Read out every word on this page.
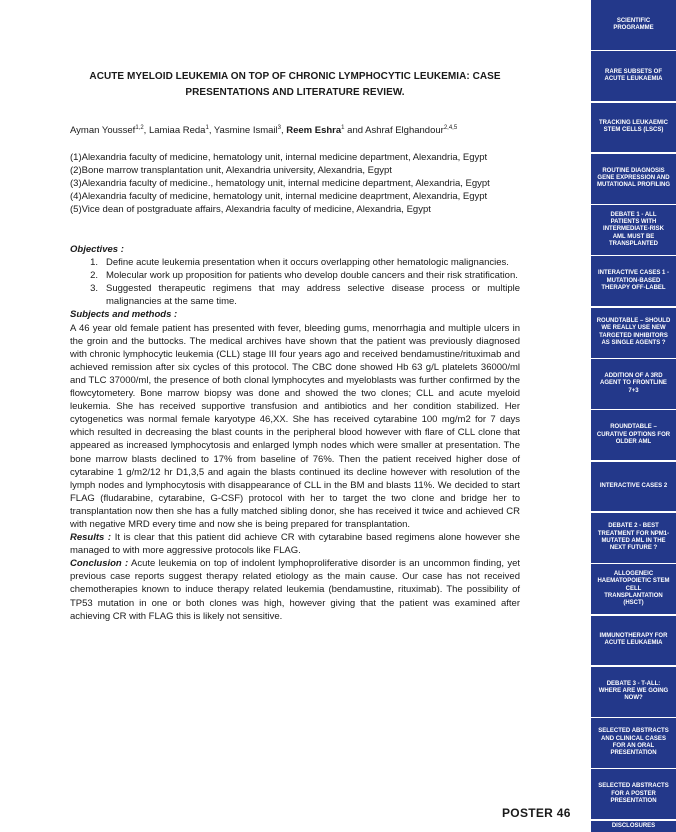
ACUTE MYELOID LEUKEMIA ON TOP OF CHRONIC LYMPHOCYTIC LEUKEMIA: CASE PRESENTATIONS AND LITERATURE REVIEW.
Ayman Youssef$^{1,2}$, Lamiaa Reda$^1$, Yasmine Ismail$^3$, Reem Eshra$^1$ and Ashraf Elghandour$^{2,4,5}$
(1)Alexandria faculty of medicine, hematology unit, internal medicine department, Alexandria, Egypt
(2)Bone marrow transplantation unit, Alexandria university, Alexandria, Egypt
(3)Alexandria faculty of medicine., hematology unit, internal medicine department, Alexandria, Egypt
(4)Alexandria faculty of medicine, hematology unit, internal medicine deaprtment, Alexandria, Egypt
(5)Vice dean of postgraduate affairs, Alexandria faculty of medicine, Alexandria, Egypt
Objectives :
1. Define acute leukemia presentation when it occurs overlapping other hematologic malignancies.
2. Molecular work up proposition for patients who develop double cancers and their risk stratification.
3. Suggested therapeutic regimens that may address selective disease process or multiple malignancies at the same time.
Subjects and methods :

A 46 year old female patient has presented with fever, bleeding gums, menorrhagia and multiple ulcers in the groin and the buttocks. The medical archives have shown that the patient was previously diagnosed with chronic lymphocytic leukemia (CLL) stage III four years ago and received bendamustine/rituximab and achieved remission after six cycles of this protocol. The CBC done showed Hb 63 g/L platelets 36000/ml and TLC 37000/ml, the presence of both clonal lymphocytes and myeloblasts was further confirmed by the flowcytometery. Bone marrow biopsy was done and showed the two clones; CLL and acute myeloid leukemia. She has received supportive transfusion and antibiotics and her condition stabilized. Her cytogenetics was normal female karyotype 46,XX. She has received cytarabine 100 mg/m2 for 7 days which resulted in decreasing the blast counts in the peripheral blood however with flare of CLL clone that appeared as increased lymphocytosis and enlarged lymph nodes which were smaller at presentation. The bone marrow blasts declined to 17% from baseline of 76%. Then the patient received higher dose of cytarabine 1 g/m2/12 hr D1,3,5 and again the blasts continued its decline however with resolution of the lymph nodes and lymphocytosis with disappearance of CLL in the BM and blasts 11%. We decided to start FLAG (fludarabine, cytarabine, G-CSF) protocol with her to target the two clone and bridge her to transplantation now then she has a fully matched sibling donor, she has received it twice and achieved CR with negative MRD every time and now she is being prepared for transplantation.

Results : It is clear that this patient did achieve CR with cytarabine based regimens alone however she managed to with more aggressive protocols like FLAG.

Conclusion : Acute leukemia on top of indolent lymphoproliferative disorder is an uncommon finding, yet previous case reports suggest therapy related etiology as the main cause. Our case has not received chemotherapies known to induce therapy related leukemia (bendamustine, rituximab). The possibility of TP53 mutation in one or both clones was high, however giving that the patient was examined after achieving CR with FLAG this is likely not sensitive.

POSTER 46
SCIENTIFIC PROGRAMME
RARE SUBSETS OF ACUTE LEUKAEMIA
TRACKING LEUKAEMIC STEM CELLS (LSCS)
ROUTINE DIAGNOSIS GENE EXPRESSION AND MUTATIONAL PROFILING
DEBATE 1 - ALL PATIENTS WITH INTERMEDIATE-RISK AML MUST BE TRANSPLANTED
INTERACTIVE CASES 1 - MUTATION-BASED THERAPY OFF-LABEL
ROUNDTABLE – SHOULD WE REALLY USE NEW TARGETED INHIBITORS AS SINGLE AGENTS ?
ADDITION OF A 3RD AGENT TO FRONTLINE 7+3
ROUNDTABLE – CURATIVE OPTIONS FOR OLDER AML
INTERACTIVE CASES 2
DEBATE 2 - BEST TREATMENT FOR NPM1-MUTATED AML IN THE NEXT FUTURE ?
ALLOGENEIC HAEMATOPOIETIC STEM CELL TRANSPLANTATION (HSCT)
IMMUNOTHERAPY FOR ACUTE LEUKAEMIA
DEBATE 3 - T-ALL: WHERE ARE WE GOING NOW?
SELECTED ABSTRACTS AND CLINICAL CASES FOR AN ORAL PRESENTATION
SELECTED ABSTRACTS FOR A POSTER PRESENTATION
DISCLOSURES
